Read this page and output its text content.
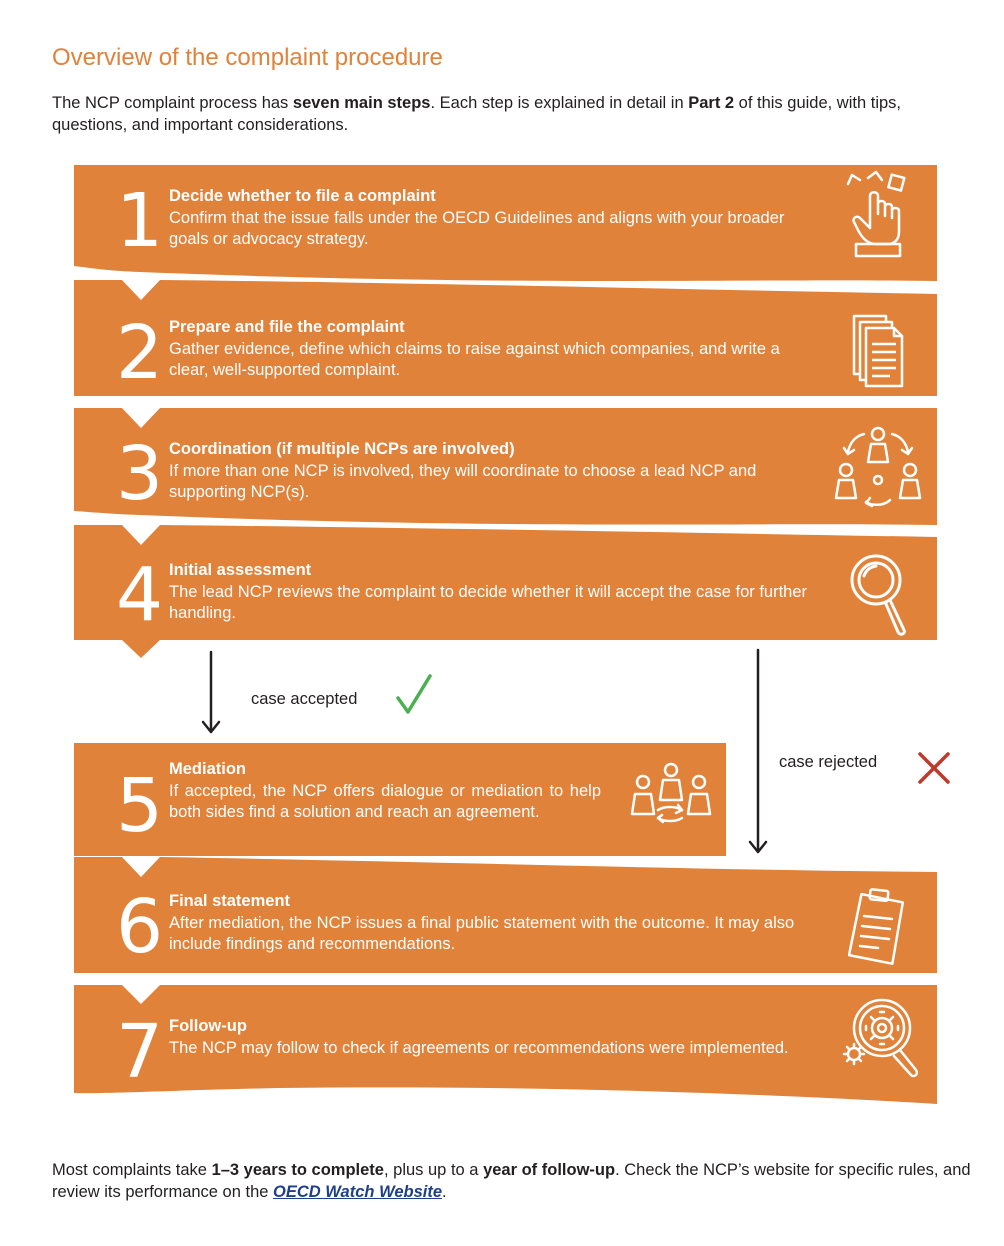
Overview of the complaint procedure
The NCP complaint process has seven main steps. Each step is explained in detail in Part 2 of this guide, with tips, questions, and important considerations.
1 Decide whether to file a complaint
Confirm that the issue falls under the OECD Guidelines and aligns with your broader goals or advocacy strategy.
2 Prepare and file the complaint
Gather evidence, define which claims to raise against which companies, and write a clear, well-supported complaint.
3 Coordination (if multiple NCPs are involved)
If more than one NCP is involved, they will coordinate to choose a lead NCP and supporting NCP(s).
4 Initial assessment
The lead NCP reviews the complaint to decide whether it will accept the case for further handling.
case accepted
case rejected
5 Mediation
If accepted, the NCP offers dialogue or mediation to help both sides find a solution and reach an agreement.
6 Final statement
After mediation, the NCP issues a final public statement with the outcome. It may also include findings and recommendations.
7 Follow-up
The NCP may follow to check if agreements or recommendations were implemented.
Most complaints take 1–3 years to complete, plus up to a year of follow-up. Check the NCP’s website for specific rules, and review its performance on the OECD Watch Website.
